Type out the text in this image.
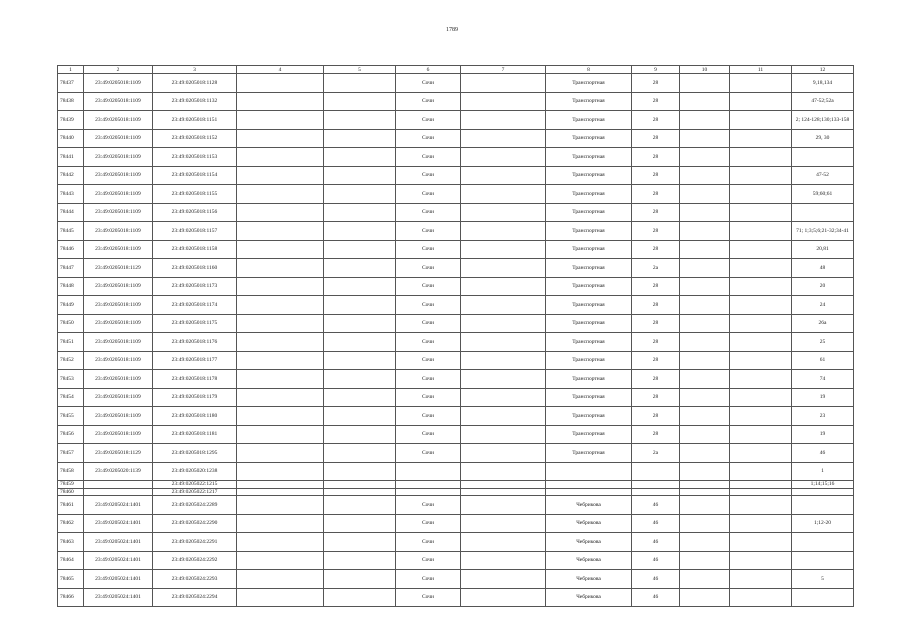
1789
1	2	3	4	5	6	7	8	9	10	11	12
78437	23:49:0205018:1109	23:49:0205018:1128			Сочи		Транспортная	28			9,18,134
78438	23:49:0205018:1109	23:49:0205018:1132			Сочи		Транспортная	28			47-52;52а
78439	23:49:0205018:1109	23:49:0205018:1151			Сочи		Транспортная	28			2; 124-128;130;133-158
78440	23:49:0205018:1109	23:49:0205018:1152			Сочи		Транспортная	28			29, 30
78441	23:49:0205018:1109	23:49:0205018:1153			Сочи		Транспортная	28			
78442	23:49:0205018:1109	23:49:0205018:1154			Сочи		Транспортная	28			47-52
78443	23:49:0205018:1109	23:49:0205018:1155			Сочи		Транспортная	28			59;60;61
78444	23:49:0205018:1109	23:49:0205018:1156			Сочи		Транспортная	28			
78445	23:49:0205018:1109	23:49:0205018:1157			Сочи		Транспортная	28			71; 1;3;5;6;21-32;34-41
78446	23:49:0205018:1109	23:49:0205018:1158			Сочи		Транспортная	28			20,81
78447	23:49:0205018:1129	23:49:0205018:1160			Сочи		Транспортная	2а			48
78448	23:49:0205018:1109	23:49:0205018:1173			Сочи		Транспортная	28			20
78449	23:49:0205018:1109	23:49:0205018:1174			Сочи		Транспортная	28			24
78450	23:49:0205018:1109	23:49:0205018:1175			Сочи		Транспортная	28			26а
78451	23:49:0205018:1109	23:49:0205018:1176			Сочи		Транспортная	28			25
78452	23:49:0205018:1109	23:49:0205018:1177			Сочи		Транспортная	28			61
78453	23:49:0205018:1109	23:49:0205018:1178			Сочи		Транспортная	28			74
78454	23:49:0205018:1109	23:49:0205018:1179			Сочи		Транспортная	28			19
78455	23:49:0205018:1109	23:49:0205018:1180			Сочи		Транспортная	28			23
78456	23:49:0205018:1109	23:49:0205018:1181			Сочи		Транспортная	28			19
78457	23:49:0205018:1129	23:49:0205018:1295			Сочи		Транспортная	2а			46
78458	23:49:0205020:1139	23:49:0205020:1238									1
78459		23:49:0205022:1215									1;14;15;16
78460		23:49:0205022:1217									
78461	23:49:0205024:1401	23:49:0205024:2289			Сочи		Чебрикова	46			
78462	23:49:0205024:1401	23:49:0205024:2290			Сочи		Чебрикова	46			1;12-20
78463	23:49:0205024:1401	23:49:0205024:2291			Сочи		Чебрикова	46			
78464	23:49:0205024:1401	23:49:0205024:2292			Сочи		Чебрикова	46			
78465	23:49:0205024:1401	23:49:0205024:2293			Сочи		Чебрикова	46			5
78466	23:49:0205024:1401	23:49:0205024:2294			Сочи		Чебрикова	46			
